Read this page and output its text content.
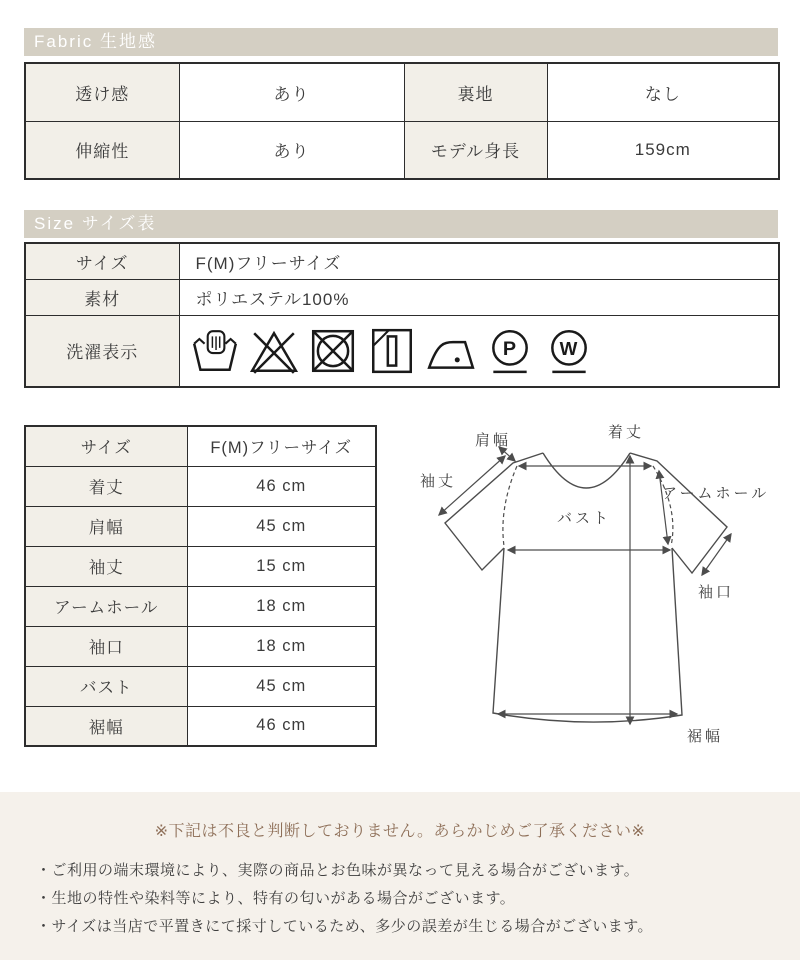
Fabric 生地感
透け感	あり	裏地	なし
伸縮性	あり	モデル身長	159cm
Size サイズ表
サイズ	F(M)フリーサイズ
素材	ポリエステル100%
洗濯表示	
サイズ	F(M)フリーサイズ
着丈	46 cm
肩幅	45 cm
袖丈	15 cm
アームホール	18 cm
袖口	18 cm
バスト	45 cm
裾幅	46 cm
肩幅	着丈
袖丈
アームホール
バスト
袖口
裾幅
※下記は不良と判断しておりません。あらかじめご了承ください※
・ご利用の端末環境により、実際の商品とお色味が異なって見える場合がございます。
・生地の特性や染料等により、特有の匂いがある場合がございます。
・サイズは当店で平置きにて採寸しているため、多少の誤差が生じる場合がございます。
